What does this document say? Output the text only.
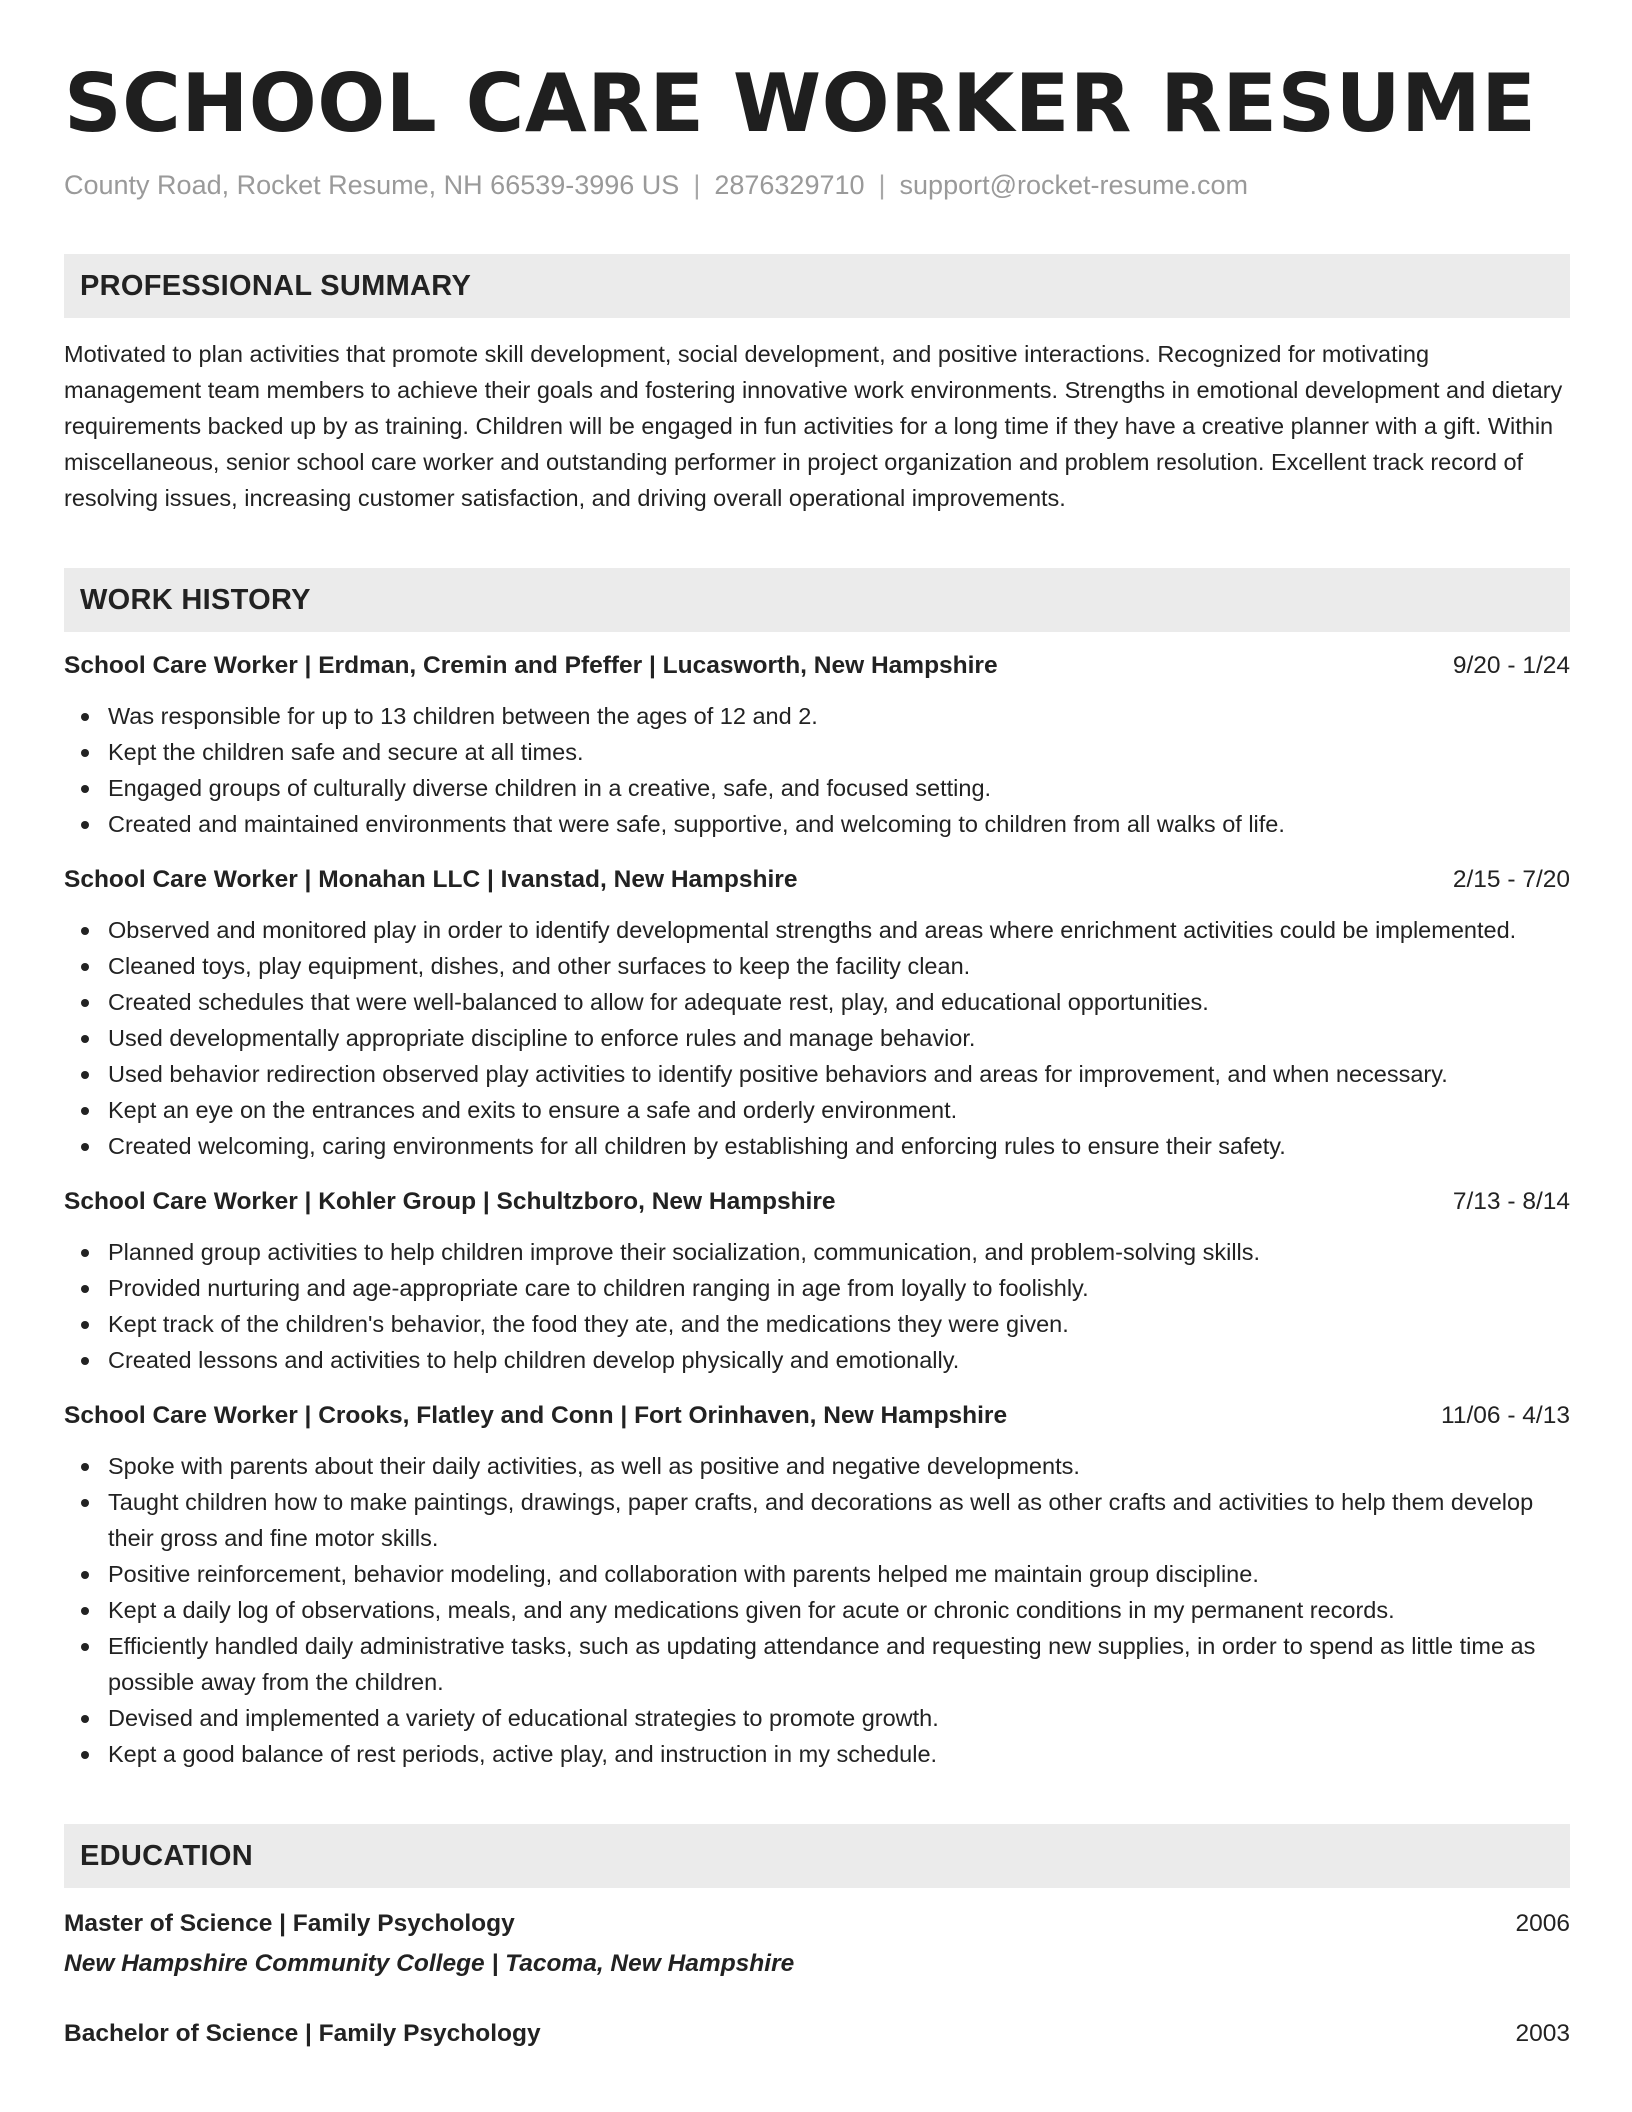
SCHOOL CARE WORKER RESUME
County Road, Rocket Resume, NH 66539-3996 US | 2876329710 | support@rocket-resume.com
PROFESSIONAL SUMMARY

Motivated to plan activities that promote skill development, social development, and positive interactions. Recognized for motivating management team members to achieve their goals and fostering innovative work environments. Strengths in emotional development and dietary requirements backed up by as training. Children will be engaged in fun activities for a long time if they have a creative planner with a gift. Within miscellaneous, senior school care worker and outstanding performer in project organization and problem resolution. Excellent track record of resolving issues, increasing customer satisfaction, and driving overall operational improvements.

WORK HISTORY
School Care Worker | Erdman, Cremin and Pfeffer | Lucasworth, New Hampshire	9/20 - 1/24
Was responsible for up to 13 children between the ages of 12 and 2.
Kept the children safe and secure at all times.
Engaged groups of culturally diverse children in a creative, safe, and focused setting.
Created and maintained environments that were safe, supportive, and welcoming to children from all walks of life.
School Care Worker | Monahan LLC | Ivanstad, New Hampshire	2/15 - 7/20
Observed and monitored play in order to identify developmental strengths and areas where enrichment activities could be implemented.
Cleaned toys, play equipment, dishes, and other surfaces to keep the facility clean.
Created schedules that were well-balanced to allow for adequate rest, play, and educational opportunities.
Used developmentally appropriate discipline to enforce rules and manage behavior.
Used behavior redirection observed play activities to identify positive behaviors and areas for improvement, and when necessary.
Kept an eye on the entrances and exits to ensure a safe and orderly environment.
Created welcoming, caring environments for all children by establishing and enforcing rules to ensure their safety.
School Care Worker | Kohler Group | Schultzboro, New Hampshire	7/13 - 8/14
Planned group activities to help children improve their socialization, communication, and problem-solving skills.
Provided nurturing and age-appropriate care to children ranging in age from loyally to foolishly.
Kept track of the children's behavior, the food they ate, and the medications they were given.
Created lessons and activities to help children develop physically and emotionally.
School Care Worker | Crooks, Flatley and Conn | Fort Orinhaven, New Hampshire	11/06 - 4/13
Spoke with parents about their daily activities, as well as positive and negative developments.
Taught children how to make paintings, drawings, paper crafts, and decorations as well as other crafts and activities to help them develop their gross and fine motor skills.
Positive reinforcement, behavior modeling, and collaboration with parents helped me maintain group discipline.
Kept a daily log of observations, meals, and any medications given for acute or chronic conditions in my permanent records.
Efficiently handled daily administrative tasks, such as updating attendance and requesting new supplies, in order to spend as little time as possible away from the children.
Devised and implemented a variety of educational strategies to promote growth.
Kept a good balance of rest periods, active play, and instruction in my schedule.
EDUCATION
Master of Science | Family Psychology	2006
New Hampshire Community College | Tacoma, New Hampshire
Bachelor of Science | Family Psychology	2003
